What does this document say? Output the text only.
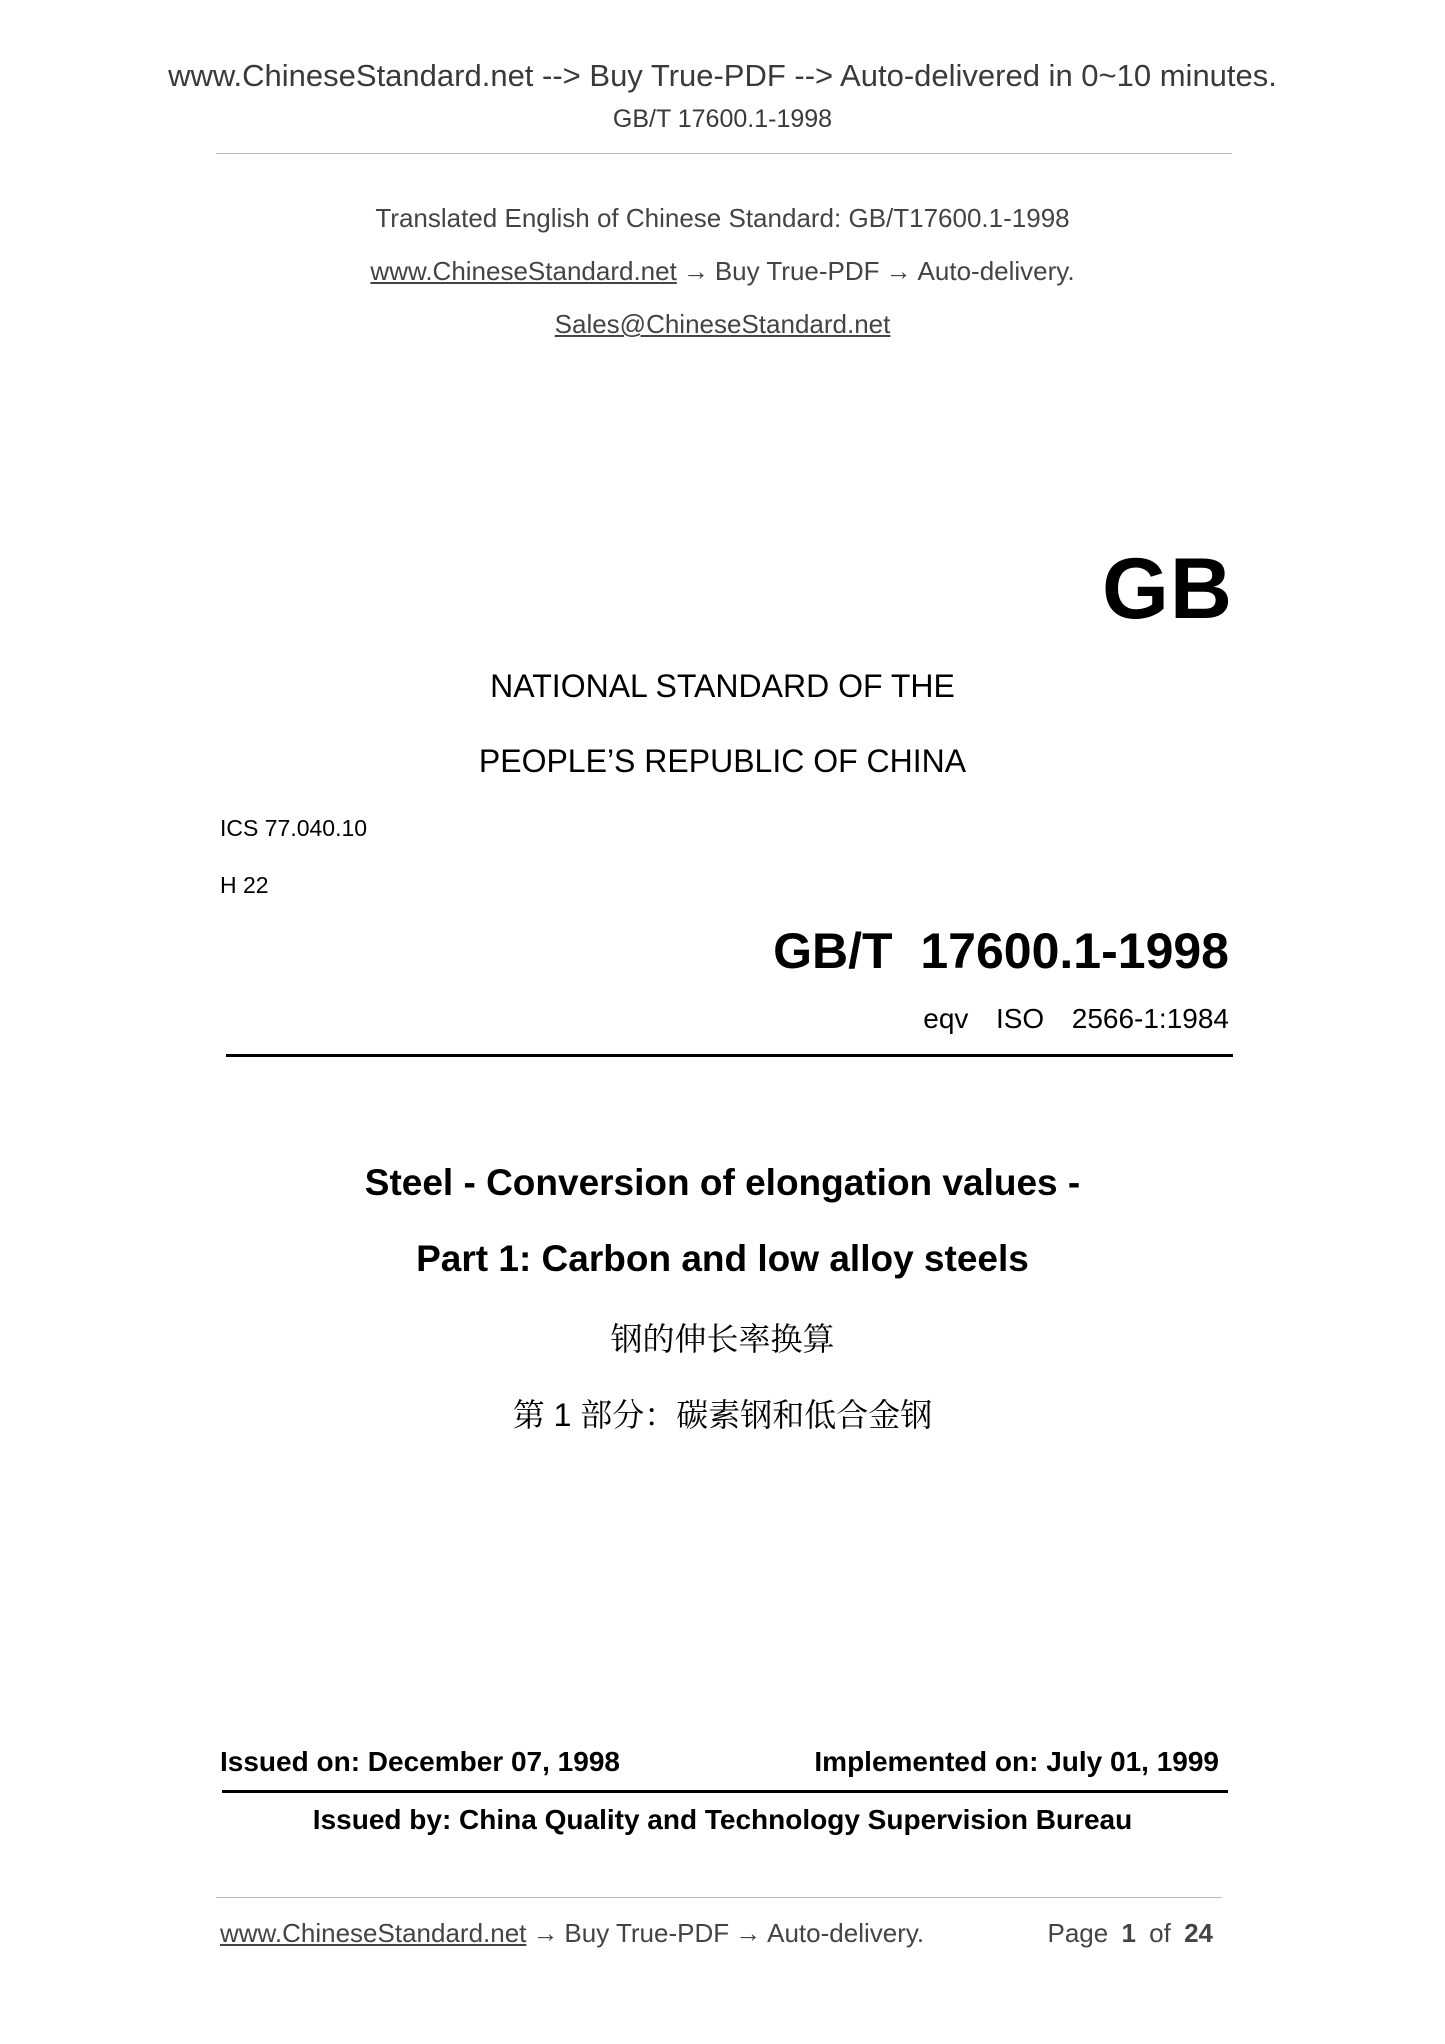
www.ChineseStandard.net --> Buy True-PDF --> Auto-delivered in 0~10 minutes.
GB/T 17600.1-1998
Translated English of Chinese Standard: GB/T17600.1-1998
www.ChineseStandard.net → Buy True-PDF → Auto-delivery.
Sales@ChineseStandard.net
GB
NATIONAL STANDARD OF THE
PEOPLE’S REPUBLIC OF CHINA
ICS 77.040.10
H 22
GB/T  17600.1-1998
eqv  ISO  2566-1:1984
Steel - Conversion of elongation values -
Part 1: Carbon and low alloy steels
钢的伸长率换算
第 1 部分：碳素钢和低合金钢
Issued on: December 07, 1998	Implemented on: July 01, 1999
Issued by: China Quality and Technology Supervision Bureau
www.ChineseStandard.net → Buy True-PDF → Auto-delivery.	Page 1 of 24
